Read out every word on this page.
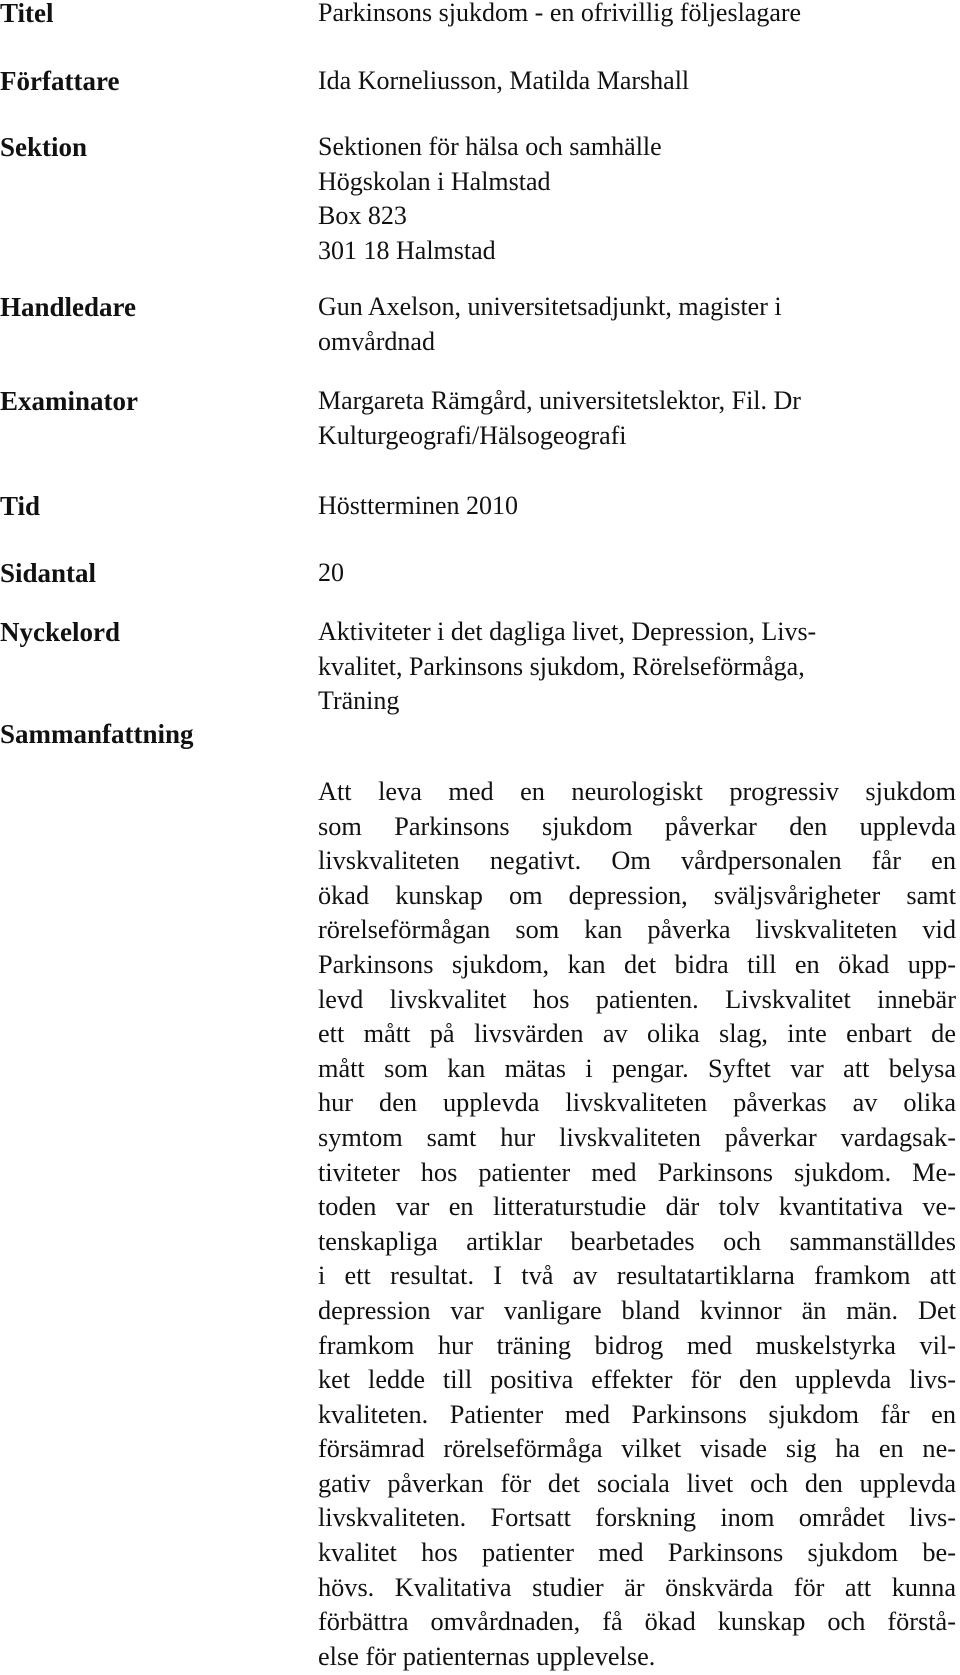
Titel	Parkinsons sjukdom - en ofrivillig följeslagare
Författare	Ida Korneliusson, Matilda Marshall
Sektion	Sektionen för hälsa och samhälle
Högskolan i Halmstad
Box 823
301 18 Halmstad
Handledare	Gun Axelson, universitetsadjunkt, magister i
omvårdnad
Examinator	Margareta Rämgård, universitetslektor, Fil. Dr
Kulturgeografi/Hälsogeografi
Tid	Höstterminen 2010
Sidantal	20
Nyckelord	Aktiviteter i det dagliga livet, Depression, Livs-
kvalitet, Parkinsons sjukdom, Rörelseförmåga,
Träning
Sammanfattning
Att leva med en neurologiskt progressiv sjukdom
som Parkinsons sjukdom påverkar den upplevda
livskvaliteten negativt. Om vårdpersonalen får en
ökad kunskap om depression, sväljsvårigheter samt
rörelseförmågan som kan påverka livskvaliteten vid
Parkinsons sjukdom, kan det bidra till en ökad upp-
levd livskvalitet hos patienten. Livskvalitet innebär
ett mått på livsvärden av olika slag, inte enbart de
mått som kan mätas i pengar. Syftet var att belysa
hur den upplevda livskvaliteten påverkas av olika
symtom samt hur livskvaliteten påverkar vardagsak-
tiviteter hos patienter med Parkinsons sjukdom. Me-
toden var en litteraturstudie där tolv kvantitativa ve-
tenskapliga artiklar bearbetades och sammanställdes
i ett resultat. I två av resultatartiklarna framkom att
depression var vanligare bland kvinnor än män. Det
framkom hur träning bidrog med muskelstyrka vil-
ket ledde till positiva effekter för den upplevda livs-
kvaliteten. Patienter med Parkinsons sjukdom får en
försämrad rörelseförmåga vilket visade sig ha en ne-
gativ påverkan för det sociala livet och den upplevda
livskvaliteten. Fortsatt forskning inom området livs-
kvalitet hos patienter med Parkinsons sjukdom be-
hövs. Kvalitativa studier är önskvärda för att kunna
förbättra omvårdnaden, få ökad kunskap och förstå-
else för patienternas upplevelse.
